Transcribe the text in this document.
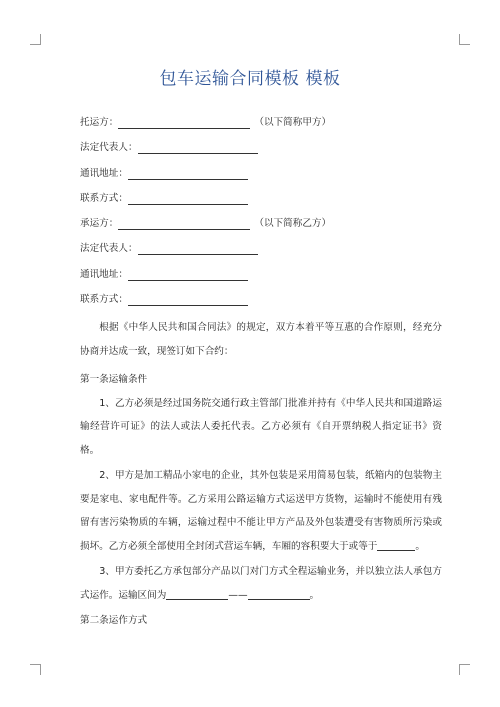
包车运输合同模板 模板
托运方：	（以下简称甲方）
法定代表人：
通讯地址：
联系方式：
承运方：	（以下简称乙方）
法定代表人：
通讯地址：
联系方式：

根据《中华人民共和国合同法》的规定，双方本着平等互惠的合作原则，经充分协商并达成一致，现签订如下合约：

第一条运输条件

1、乙方必须是经过国务院交通行政主管部门批准并持有《中华人民共和国道路运输经营许可证》的法人或法人委托代表。乙方必须有《自开票纳税人指定证书》资格。

2、甲方是加工精品小家电的企业，其外包装是采用简易包装，纸箱内的包装物主要是家电、家电配件等。乙方采用公路运输方式运送甲方货物，运输时不能使用有残留有害污染物质的车辆，运输过程中不能让甲方产品及外包装遭受有害物质所污染或损坏。乙方必须全部使用全封闭式营运车辆，车厢的容积要大于或等于	。

3、甲方委托乙方承包部分产品以门对门方式全程运输业务，并以独立法人承包方式运作。运输区间为	——	。

第二条运作方式
